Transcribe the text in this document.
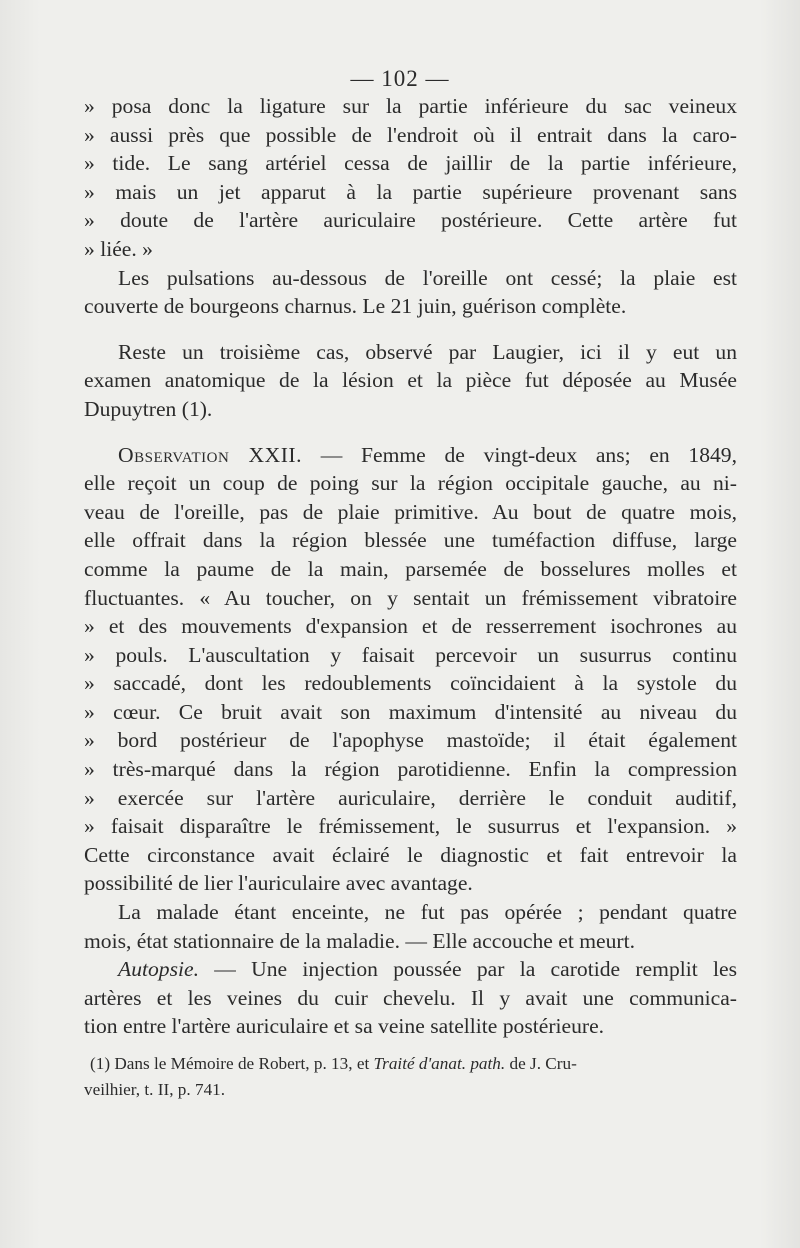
— 102 —
» posa donc la ligature sur la partie inférieure du sac veineux
» aussi près que possible de l'endroit où il entrait dans la caro-
» tide. Le sang artériel cessa de jaillir de la partie inférieure,
» mais un jet apparut à la partie supérieure provenant sans
» doute de l'artère auriculaire postérieure. Cette artère fut
» liée. »
Les pulsations au-dessous de l'oreille ont cessé; la plaie est
couverte de bourgeons charnus. Le 21 juin, guérison complète.
Reste un troisième cas, observé par Laugier, ici il y eut un
examen anatomique de la lésion et la pièce fut déposée au Musée
Dupuytren (1).
Observation XXII. — Femme de vingt-deux ans; en 1849,
elle reçoit un coup de poing sur la région occipitale gauche, au ni-
veau de l'oreille, pas de plaie primitive. Au bout de quatre mois,
elle offrait dans la région blessée une tuméfaction diffuse, large
comme la paume de la main, parsemée de bosselures molles et
fluctuantes. « Au toucher, on y sentait un frémissement vibratoire
» et des mouvements d'expansion et de resserrement isochrones au
» pouls. L'auscultation y faisait percevoir un susurrus continu
» saccadé, dont les redoublements coïncidaient à la systole du
» cœur. Ce bruit avait son maximum d'intensité au niveau du
» bord postérieur de l'apophyse mastoïde; il était également
» très-marqué dans la région parotidienne. Enfin la compression
» exercée sur l'artère auriculaire, derrière le conduit auditif,
» faisait disparaître le frémissement, le susurrus et l'expansion. »
Cette circonstance avait éclairé le diagnostic et fait entrevoir la
possibilité de lier l'auriculaire avec avantage.
La malade étant enceinte, ne fut pas opérée ; pendant quatre
mois, état stationnaire de la maladie. — Elle accouche et meurt.
Autopsie. — Une injection poussée par la carotide remplit les
artères et les veines du cuir chevelu. Il y avait une communica-
tion entre l'artère auriculaire et sa veine satellite postérieure.
(1) Dans le Mémoire de Robert, p. 13, et Traité d'anat. path. de J. Cru-
veilhier, t. II, p. 741.
